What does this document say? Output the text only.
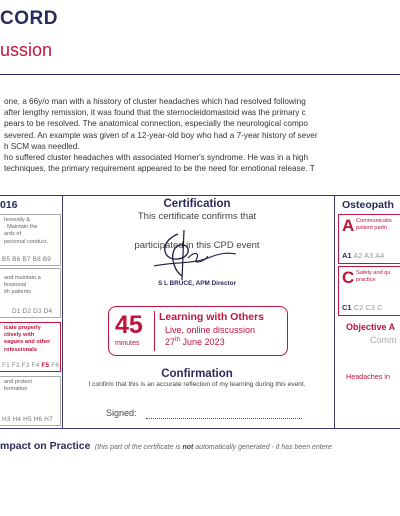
CORD
ussion

one, a 66y/o man with a hisstory of cluster headaches which had resolved following

after lengthy remission, it was found that the sternocleidomastoid was the primary c

pears to be resolved. The anatomical connection, especially the neurological compo

severed. An example was given of a 12-year-old boy who had a 7-year history of sever

h SCM was needled.

ho suffered cluster headaches with associated Horner's syndrome. He was in a high

techniques, the primary requirement appeared to be the need for emotional release. T

016
honestly &
. Maintain the
ards of
personal conduct.
B5 B6 B7 B8 B9
and maintain a
fessional
ith patients
D1 D2 D3 D4
icate properly
ctively with
eagues and other
rofessionals
F1 F2 F3 F4 F5 F6
and protect
formation
H3 H4 H5 H6 H7
Certification
This certificate confirms that
participated in this CPD event
S L BRUCE, APM Director
45
minutes
Learning with Others
Live, online discussion
27th June 2023
Confirmation
I confirm that this is an accurate reflection of my learning during this event.
Signed:
Osteopath
A Communicatio
patient partn
A1 A2 A3 A4
C Safety and qu
practice
C1 C2 C3 C
Objective A
Comm
Headaches in
mpact on Practice (this part of the certificate is not automatically generated - it has been entere
